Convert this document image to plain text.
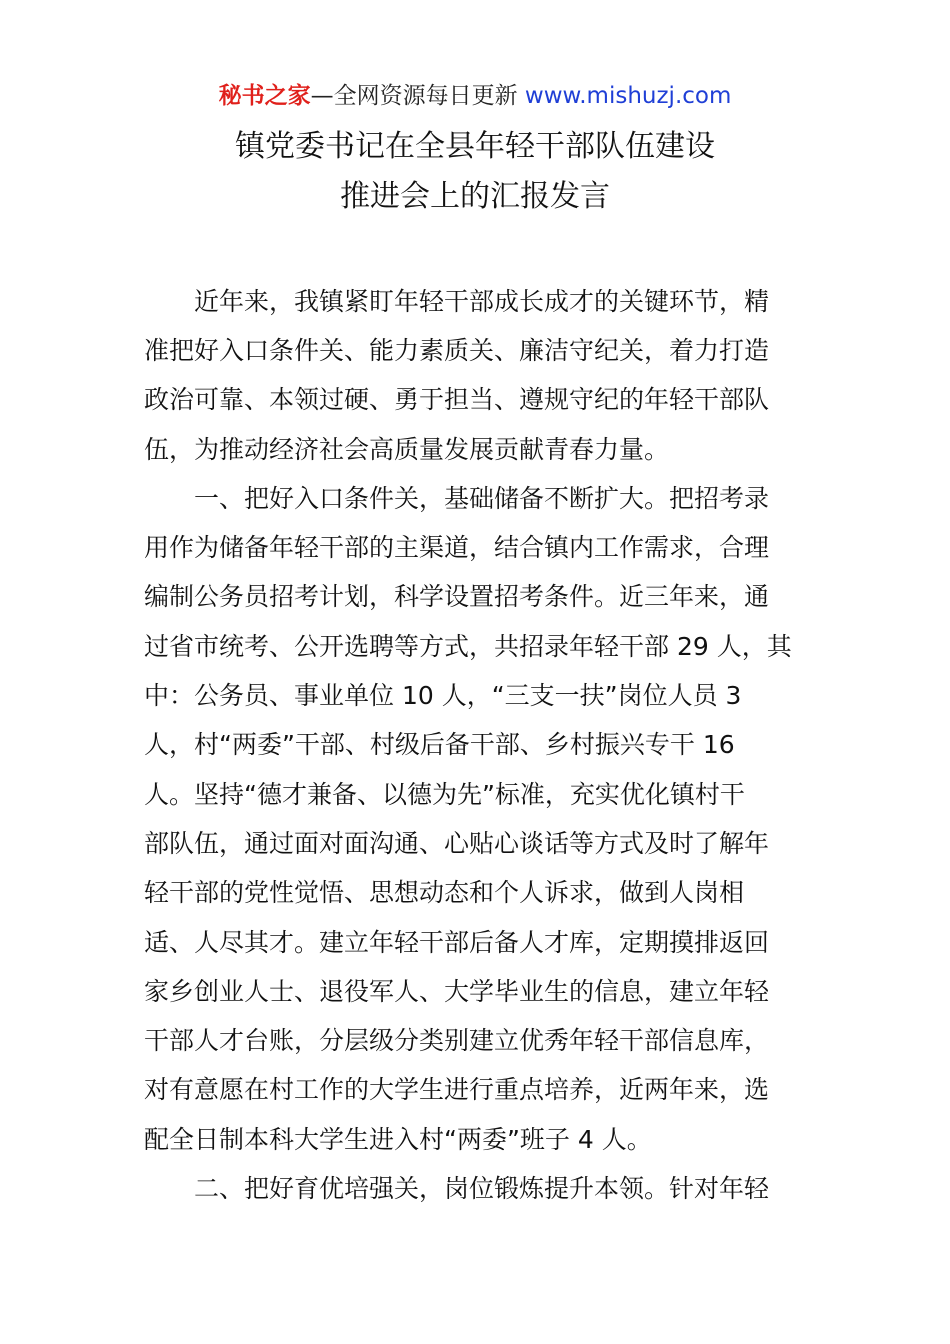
秘书之家—全网资源每日更新 www.mishuzj.com
镇党委书记在全县年轻干部队伍建设
推进会上的汇报发言
近年来，我镇紧盯年轻干部成长成才的关键环节，精
准把好入口条件关、能力素质关、廉洁守纪关，着力打造
政治可靠、本领过硬、勇于担当、遵规守纪的年轻干部队
伍，为推动经济社会高质量发展贡献青春力量。
一、把好入口条件关，基础储备不断扩大。把招考录
用作为储备年轻干部的主渠道，结合镇内工作需求，合理
编制公务员招考计划，科学设置招考条件。近三年来，通
过省市统考、公开选聘等方式，共招录年轻干部 29 人，其
中：公务员、事业单位 10 人，“三支一扶”岗位人员 3
人，村“两委”干部、村级后备干部、乡村振兴专干 16
人。坚持“德才兼备、以德为先”标准，充实优化镇村干
部队伍，通过面对面沟通、心贴心谈话等方式及时了解年
轻干部的党性觉悟、思想动态和个人诉求，做到人岗相
适、人尽其才。建立年轻干部后备人才库，定期摸排返回
家乡创业人士、退役军人、大学毕业生的信息，建立年轻
干部人才台账，分层级分类别建立优秀年轻干部信息库，
对有意愿在村工作的大学生进行重点培养，近两年来，选
配全日制本科大学生进入村“两委”班子 4 人。
二、把好育优培强关，岗位锻炼提升本领。针对年轻
